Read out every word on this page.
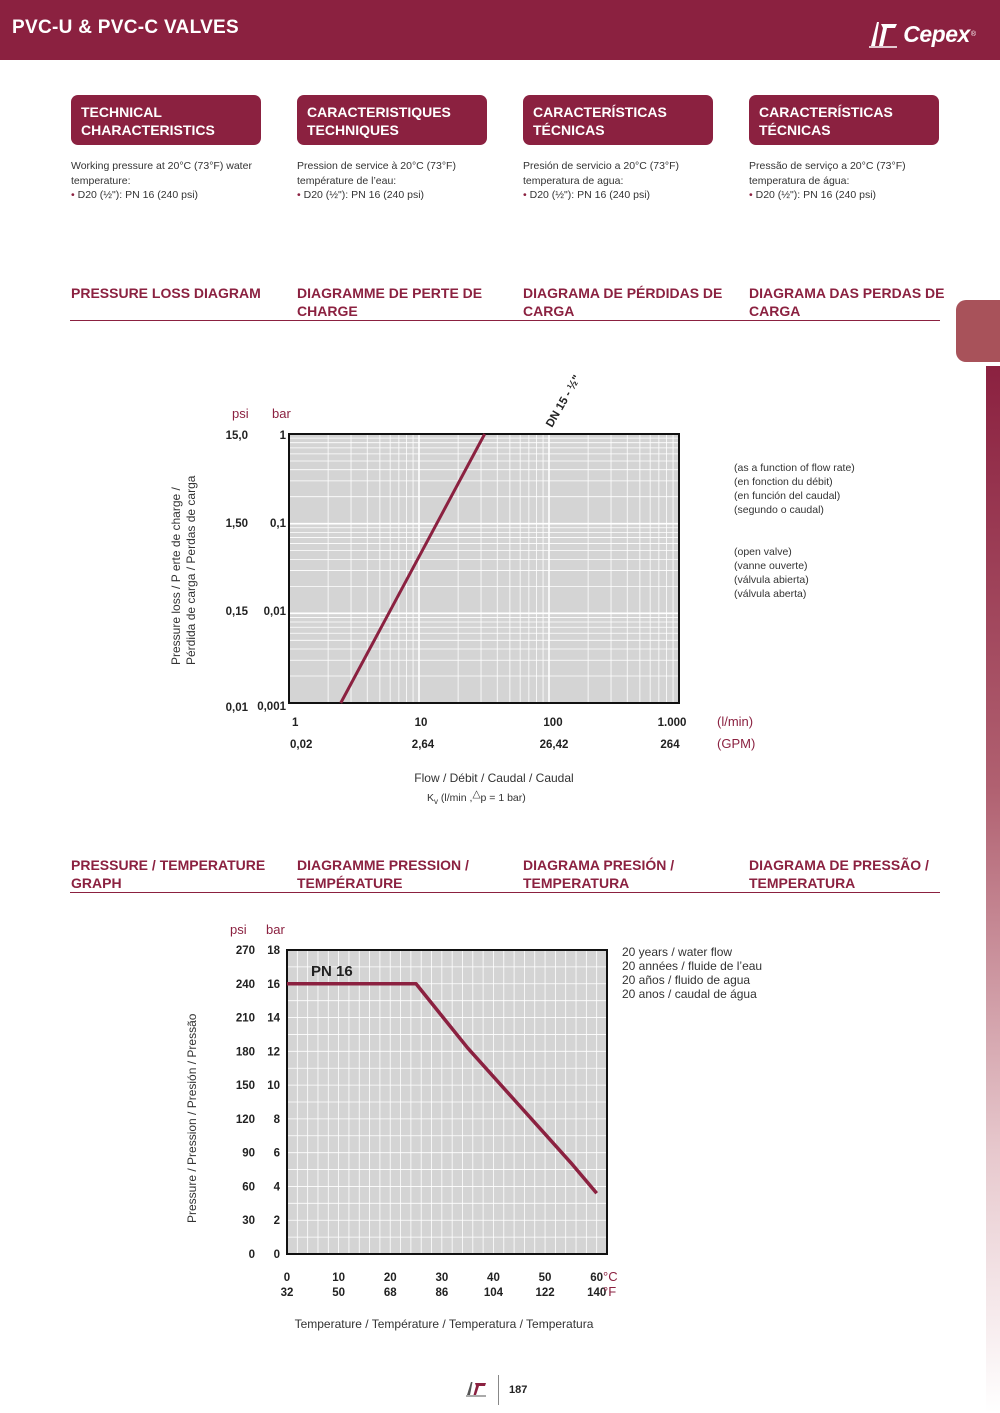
PVC-U & PVC-C VALVES	Cepex ®
TECHNICAL CHARACTERISTICS
CARACTERISTIQUES TECHNIQUES
CARACTERÍSTICAS TÉCNICAS
CARACTERÍSTICAS TÉCNICAS
Working pressure at 20°C (73°F) water temperature:
• D20 (½"): PN 16 (240 psi)
Pression de service à 20°C (73°F) température de l’eau:
• D20 (½"): PN 16 (240 psi)
Presión de servicio a 20°C (73°F) temperatura de agua:
• D20 (½"): PN 16 (240 psi)
Pressão de serviço a 20°C (73°F) temperatura de água:
• D20 (½"): PN 16 (240 psi)
PRESSURE LOSS DIAGRAM	DIAGRAMME DE PERTE DE CHARGE
DIAGRAMA DE PÉRDIDAS DE CARGA
DIAGRAMA DAS PERDAS DE CARGA
psi bar
15,0
1,50
0,15
0,01
1
0,1
0,01
0,001
1	10	100	1.000 (l/min)
0,02	2,64	26,42	264	(GPM)
Flow / Débit / Caudal / Caudal
$K_v$ (l/min ,△p = 1 bar)
Pressure loss / P erte de charge / Pérdida de carga / Perdas de carga
DN 15 - ½"
(as a function of flow rate)
(en fonction du débit)
(en función del caudal)
(segundo o caudal)
(open valve)
(vanne ouverte)
(válvula abierta)
(válvula aberta)
PRESSURE / TEMPERATURE GRAPH
DIAGRAMME PRESSION / TEMPÉRATURE
DIAGRAMA PRESIÓN / TEMPERATURA
DIAGRAMA DE PRESSÃO / TEMPERATURA
psi bar
270 18
240 16
210 14
180 12
150 10
120 8
90 6
60 4
30 2
0 0
0
32
10
50
20
68
30
86
40
104
50
122
60
140
°C
°F
Temperature / Température / Temperatura / Temperatura
Pressure / Pression / Presión / Pressão
PN 16
20 years / water flow
20 années / fluide de l’eau
20 años / fluido de agua
20 anos / caudal de água
187
